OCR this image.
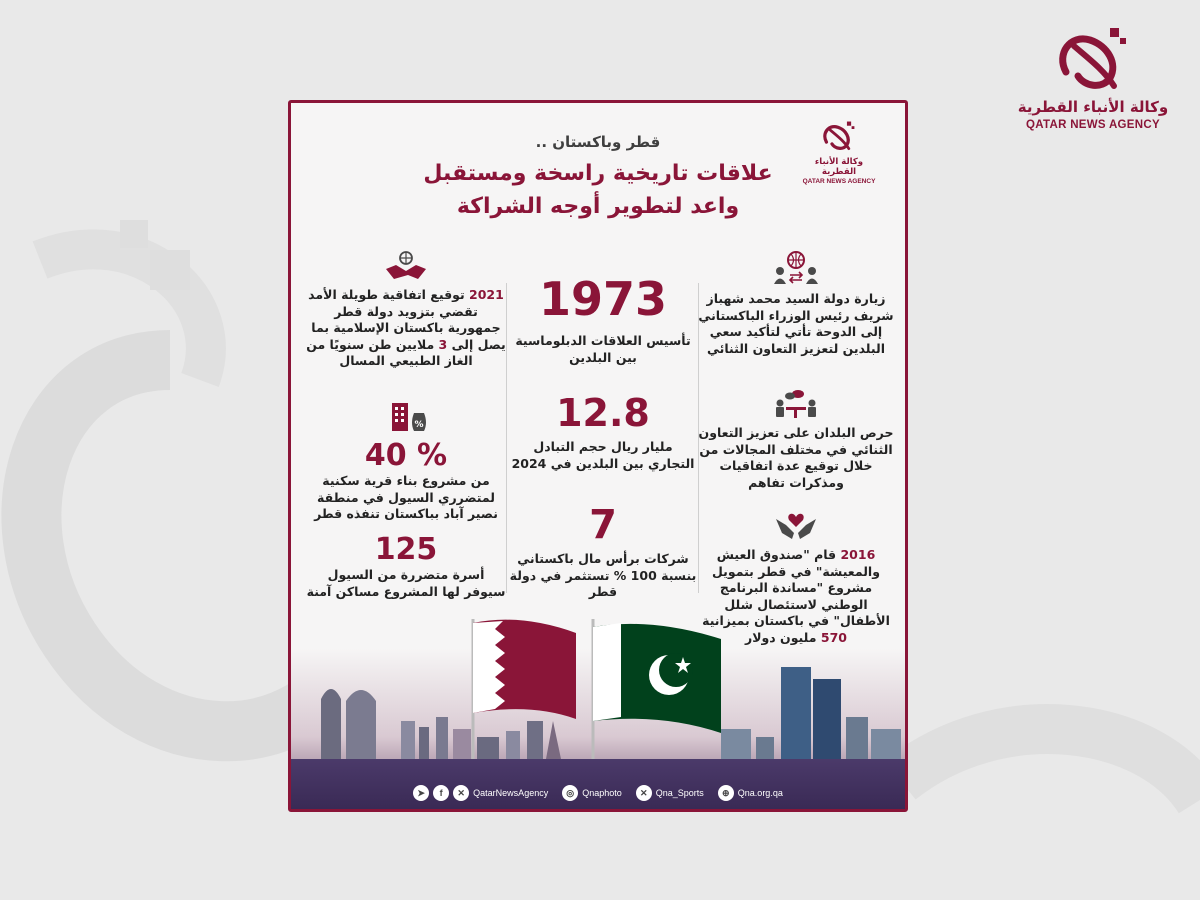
وكالة الأنباء القطرية
QATAR NEWS AGENCY
وكالة الأنباء القطرية
QATAR NEWS AGENCY
قطر وباكستان ..
علاقات تاريخية راسخة ومستقبل
واعد لتطوير أوجه الشراكة
زيارة دولة السيد محمد شهباز شريف رئيس الوزراء الباكستاني إلى الدوحة تأتي لتأكيد سعي البلدين لتعزيز التعاون الثنائي
حرص البلدان على تعزيز التعاون الثنائي في مختلف المجالات من خلال توقيع عدة اتفاقيات ومذكرات تفاهم
2016 قام "صندوق العيش والمعيشة" في قطر بتمويل مشروع "مساندة البرنامج الوطني لاستئصال شلل الأطفال" في باكستان بميزانية
570 مليون دولار
1973
تأسيس العلاقات الدبلوماسية بين البلدين
12.8
مليار ريال حجم التبادل التجاري بين البلدين في 2024
7
شركات برأس مال باكستاني بنسبة 100 % تستثمر في دولة قطر
2021 توقيع اتفاقية طويلة الأمد تقضي بتزويد دولة قطر جمهورية باكستان الإسلامية بما يصل إلى 3 ملايين طن سنويًا من الغاز الطبيعي المسال
%
40 %
من مشروع بناء قرية سكنية لمتضرري السيول في منطقة نصير آباد بباكستان تنفذه قطر
125
أسرة متضررة من السيول سيوفر لها المشروع مساكن آمنة
➤	f	✕ QatarNewsAgency	◎ Qnaphoto	✕ Qna_Sports	⊕ Qna.org.qa
